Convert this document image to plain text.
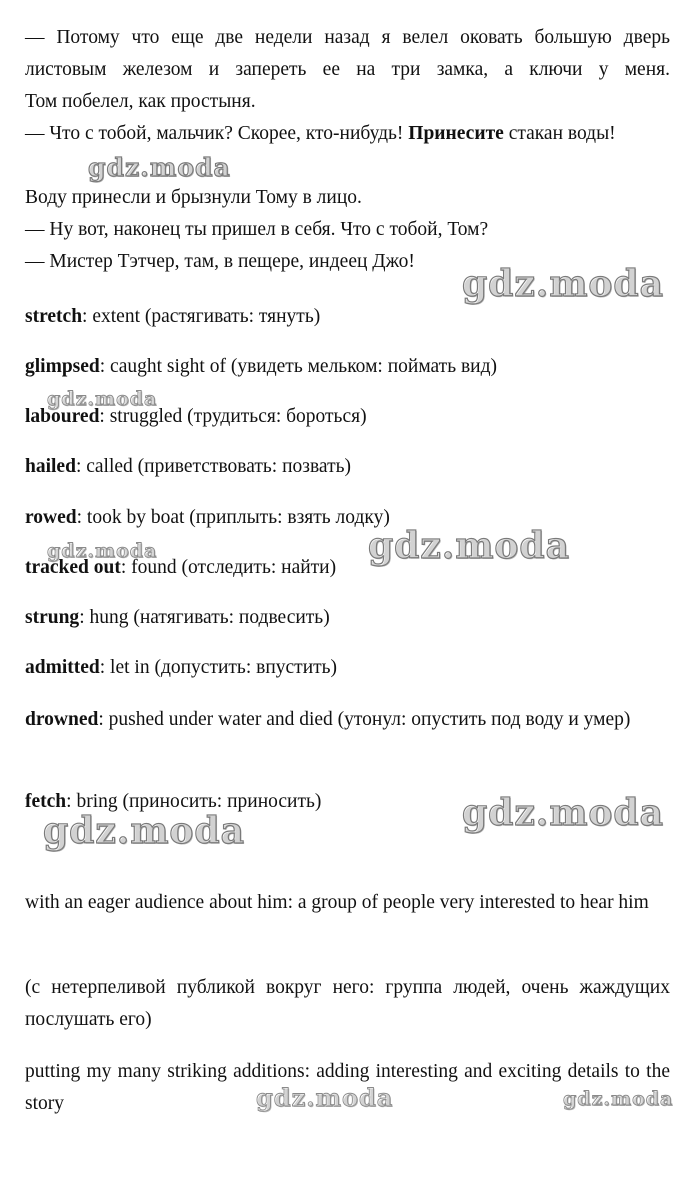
— Потому что еще две недели назад я велел оковать большую дверь листовым железом и запереть ее на три замка, а ключи у меня.

Том побелел, как простыня.

— Что с тобой, мальчик? Скорее, кто-нибудь! Принесите стакан воды!

Воду принесли и брызнули Тому в лицо.

— Ну вот, наконец ты пришел в себя. Что с тобой, Том?

— Мистер Тэтчер, там, в пещере, индеец Джо!

stretch: extent (растягивать: тянуть)

glimpsed: caught sight of (увидеть мельком: поймать вид)

laboured: struggled (трудиться: бороться)

hailed: called (приветствовать: позвать)

rowed: took by boat (приплыть: взять лодку)

tracked out: found (отследить: найти)

strung: hung (натягивать: подвесить)

admitted: let in (допустить: впустить)

drowned: pushed under water and died (утонул: опустить под воду и умер)

fetch: bring (приносить: приносить)

with an eager audience about him: a group of people very interested to hear him

(с нетерпеливой публикой вокруг него: группа людей, очень жаждущих послушать его)

putting my many striking additions: adding interesting and exciting details to the story

gdz.moda
gdz.moda
gdz.moda
gdz.moda	gdz.moda
gdz.moda
gdz.moda
gdz.moda	gdz.moda
